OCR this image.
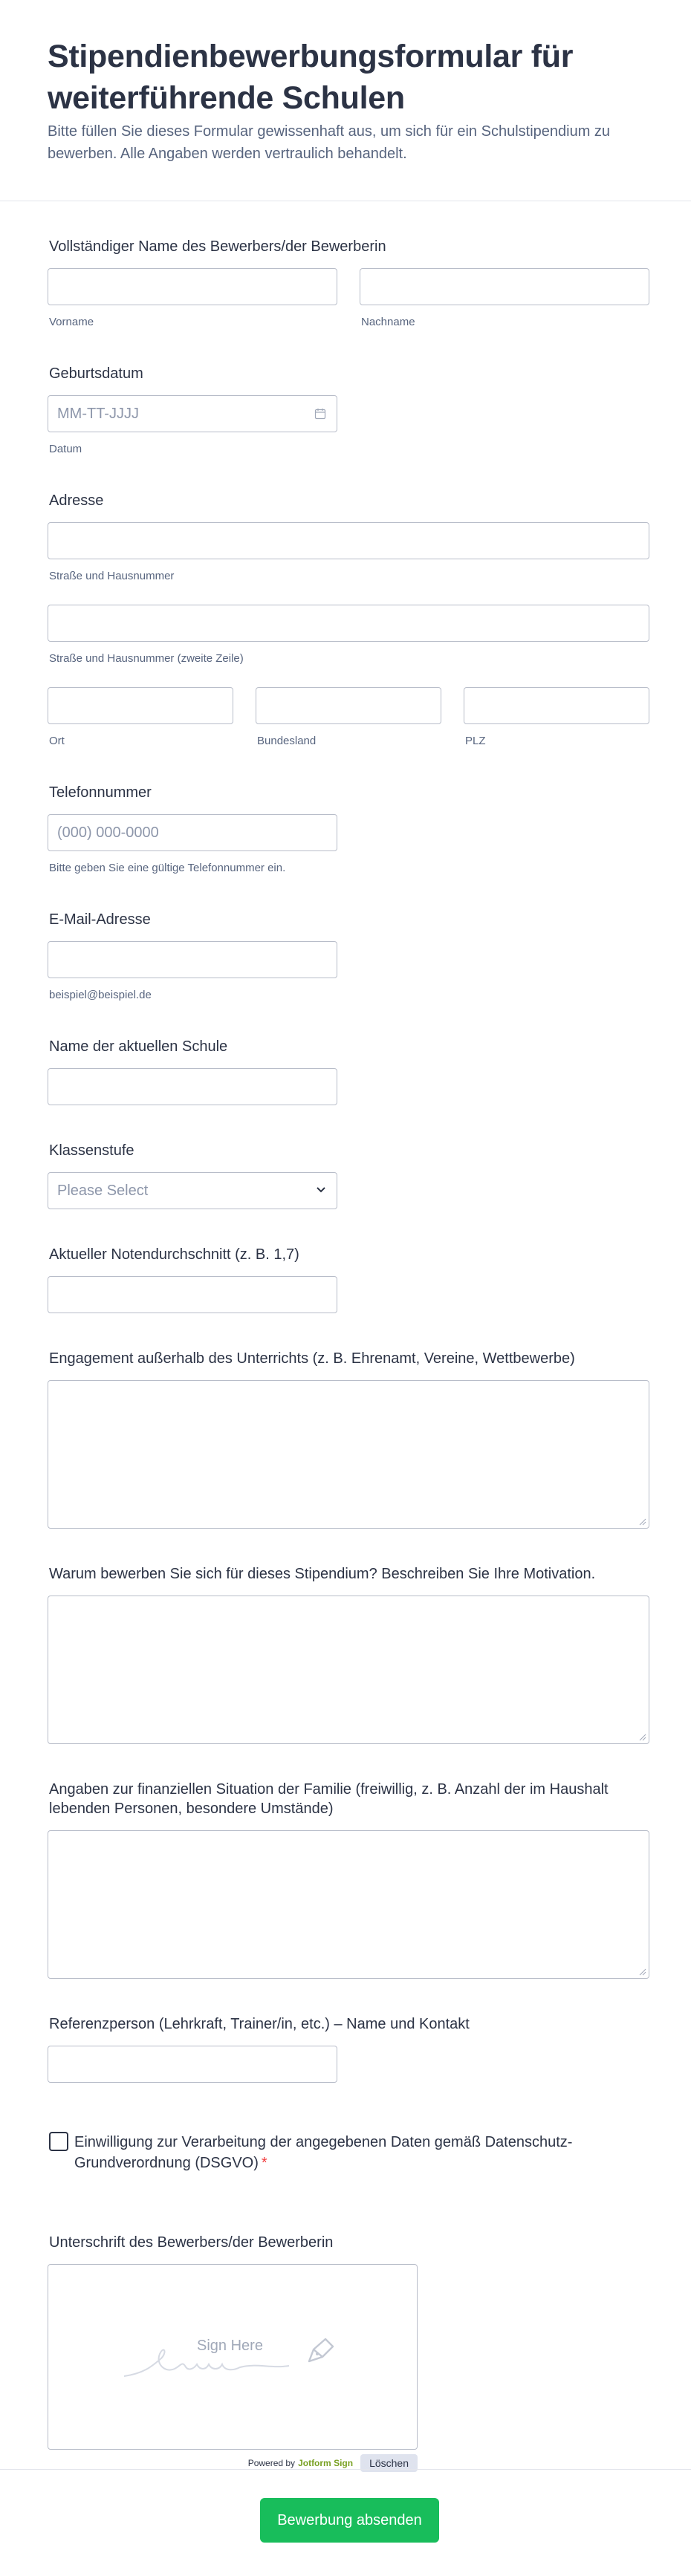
Stipendienbewerbungsformular für weiterführende Schulen

Bitte füllen Sie dieses Formular gewissenhaft aus, um sich für ein Schulstipendium zu bewerben. Alle Angaben werden vertraulich behandelt.

Vollständiger Name des Bewerbers/der Bewerberin
Vorname	Nachname
Geburtsdatum
MM-TT-JJJJ
Datum
Adresse
Straße und Hausnummer
Straße und Hausnummer (zweite Zeile)
Ort	Bundesland	PLZ
Telefonnummer
(000) 000-0000
Bitte geben Sie eine gültige Telefonnummer ein.
E-Mail-Adresse
beispiel@beispiel.de
Name der aktuellen Schule
Klassenstufe
Please Select
Aktueller Notendurchschnitt (z. B. 1,7)
Engagement außerhalb des Unterrichts (z. B. Ehrenamt, Vereine, Wettbewerbe)
Warum bewerben Sie sich für dieses Stipendium? Beschreiben Sie Ihre Motivation.
Angaben zur finanziellen Situation der Familie (freiwillig, z. B. Anzahl der im Haushalt lebenden Personen, besondere Umstände)
Referenzperson (Lehrkraft, Trainer/in, etc.) – Name und Kontakt
Einwilligung zur Verarbeitung der angegebenen Daten gemäß Datenschutz-Grundverordnung (DSGVO) *
Unterschrift des Bewerbers/der Bewerberin
Sign Here
Powered by Jotform Sign	Löschen
Bewerbung absenden
